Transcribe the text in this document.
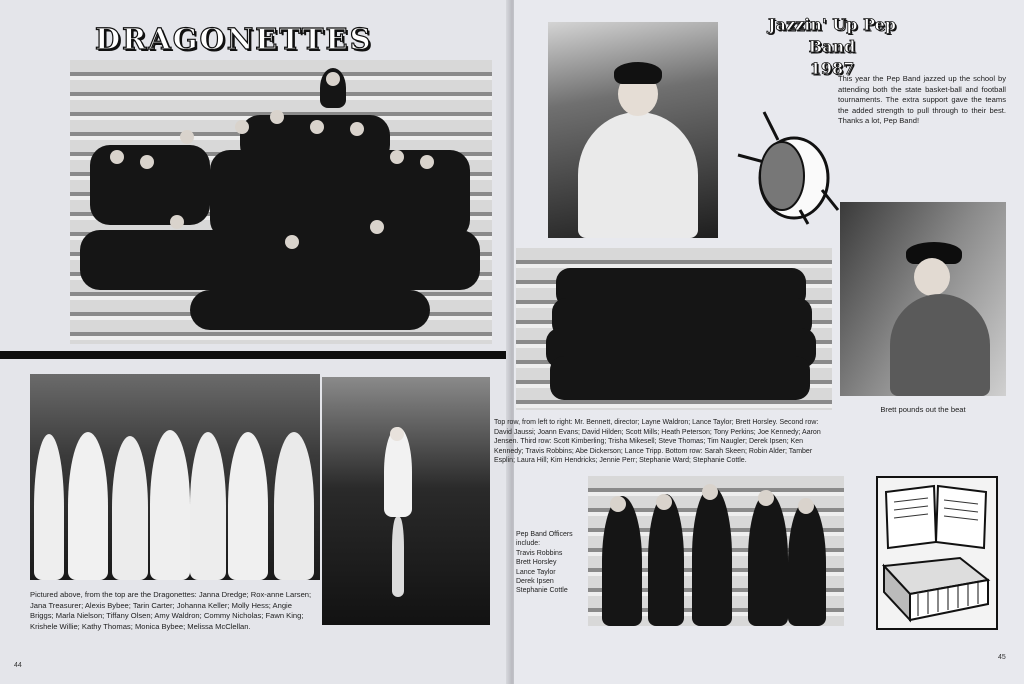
DRAGONETTES
Pictured above, from the top are the Dragonettes: Janna Dredge; Rox-anne Larsen; Jana Treasurer; Alexis Bybee; Tarin Carter; Johanna Keller; Molly Hess; Angie Briggs; Marla Nielson; Tiffany Olsen; Amy Waldron; Commy Nicholas; Fawn King; Krishele Willie; Kathy Thomas; Monica Bybee; Melissa McClellan.
44
This year the Pep Band jazzed up the school by attending both the state basket-ball and football tournaments. The extra support gave the teams the added strength to pull through to their best. Thanks a lot, Pep Band!
Brett pounds out the beat
Top row, from left to right: Mr. Bennett, director; Layne Waldron; Lance Taylor; Brett Horsley. Second row: David Jaussi; Joann Evans; David Hilden; Scott Mills; Heath Peterson; Tony Perkins; Joe Kennedy; Aaron Jensen. Third row: Scott Kimberling; Trisha Mikesell; Steve Thomas; Tim Naugler; Derek Ipsen; Ken Kennedy; Travis Robbins; Abe Dickerson; Lance Tripp. Bottom row: Sarah Skeen; Robin Alder; Tamber Esplin; Laura Hill; Kim Hendricks; Jennie Perr; Stephanie Ward; Stephanie Cottle.
Pep Band Officers include:
Travis Robbins
Brett Horsley
Lance Taylor
Derek Ipsen
Stephanie Cottle
45
Jazzin' Up Pep
Band
1987
